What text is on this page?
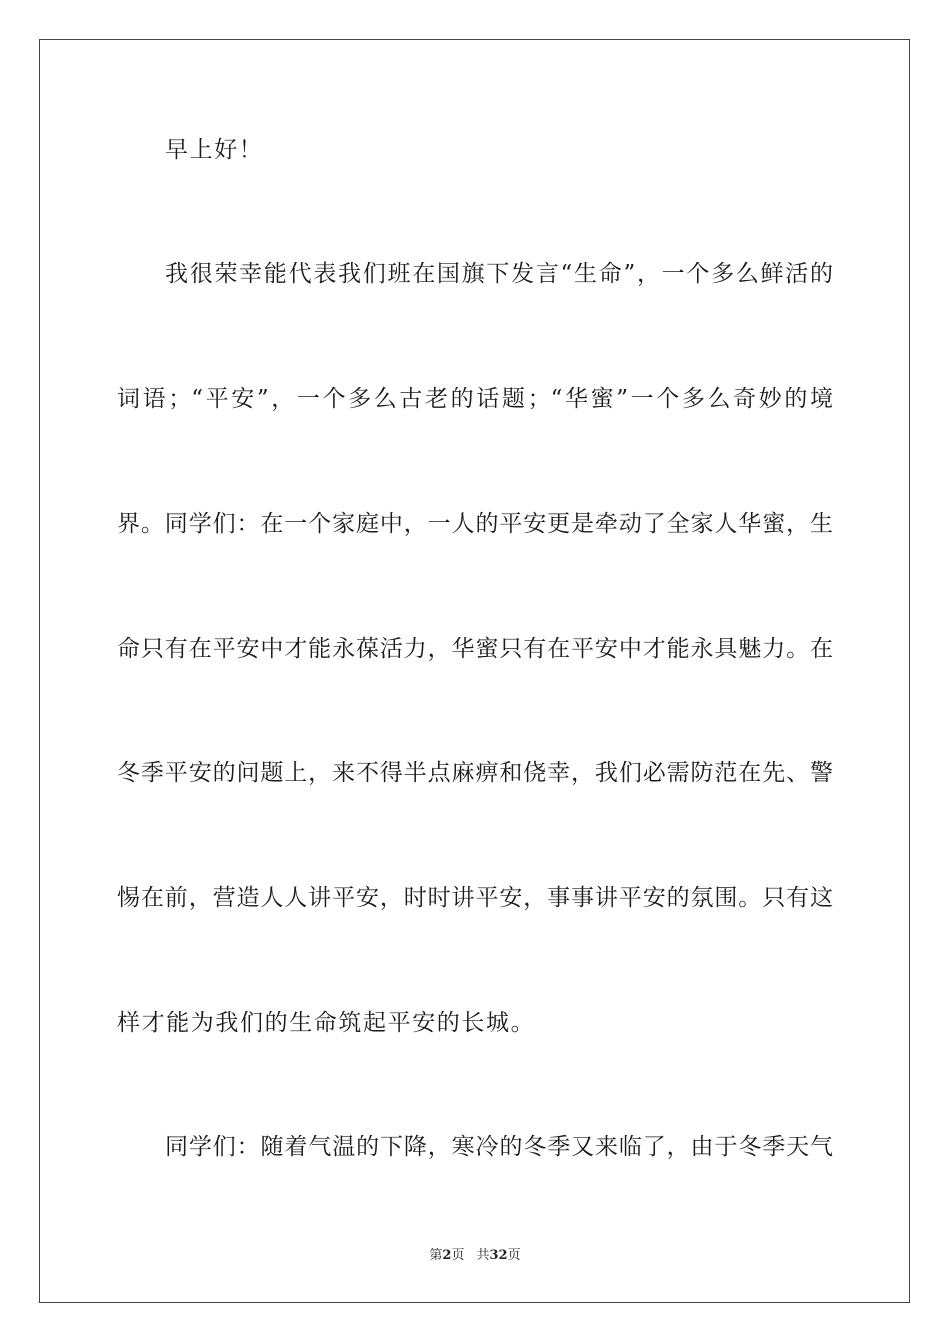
早上好！
我很荣幸能代表我们班在国旗下发言“生命”，一个多么鲜活的
词语；“平安”，一个多么古老的话题；“华蜜”一个多么奇妙的境
界。同学们：在一个家庭中，一人的平安更是牵动了全家人华蜜，生
命只有在平安中才能永葆活力，华蜜只有在平安中才能永具魅力。在
冬季平安的问题上，来不得半点麻痹和侥幸，我们必需防范在先、警
惕在前，营造人人讲平安，时时讲平安，事事讲平安的氛围。只有这
样才能为我们的生命筑起平安的长城。
同学们：随着气温的下降，寒冷的冬季又来临了，由于冬季天气
第2页 共32页
